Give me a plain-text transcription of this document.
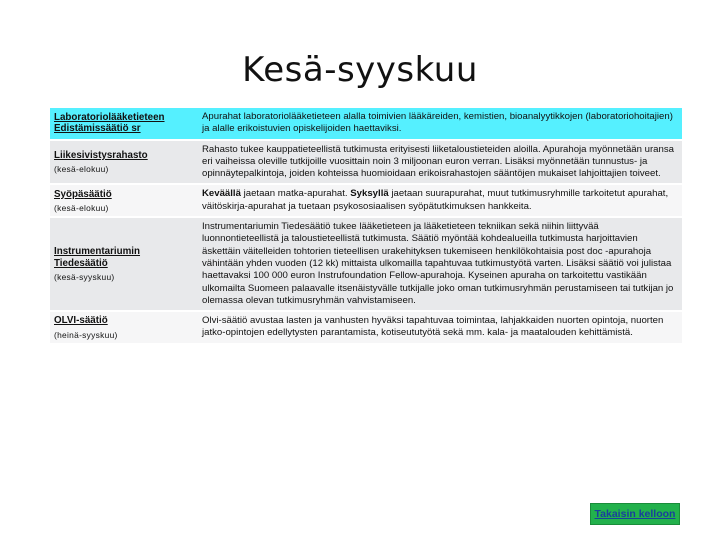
Kesä-syyskuu
Laboratoriolääketieteen Edistämissäätiö sr	Apurahat laboratoriolääketieteen alalla toimivien lääkäreiden, kemistien, bioanalyytikkojen (laboratoriohoitajien) ja alalle erikoistuvien opiskelijoiden haettaviksi.

Liikesivistysrahasto
(kesä-elokuu)	Rahasto tukee kauppatieteellistä tutkimusta erityisesti liiketaloustieteiden aloilla. Apurahoja myönnetään uransa eri vaiheissa oleville tutkijoille vuosittain noin 3 miljoonan euron verran. Lisäksi myönnetään tunnustus- ja opinnäytepalkintoja, joiden kohteissa huomioidaan erikoisrahastojen sääntöjen mukaiset lahjoittajien toiveet.

Syöpäsäätiö
(kesä-elokuu)	Keväällä jaetaan matka-apurahat. Syksyllä jaetaan suurapurahat, muut tutkimusryhmille tarkoitetut apurahat, väitöskirja-apurahat ja tuetaan psykososiaalisen syöpätutkimuksen hankkeita.

Instrumentariumin Tiedesäätiö
(kesä-syyskuu)	Instrumentariumin Tiedesäätiö tukee lääketieteen ja lääketieteen tekniikan sekä niihin liittyvää luonnontieteellistä ja taloustieteellistä tutkimusta. Säätiö myöntää kohdealueilla tutkimusta harjoittavien äskettäin väitelleiden tohtorien tieteellisen urakehityksen tukemiseen henkilökohtaisia post doc -apurahoja vähintään yhden vuoden (12 kk) mittaista ulkomailla tapahtuvaa tutkimustyötä varten. Lisäksi säätiö voi julistaa haettavaksi 100 000 euron Instrufoundation Fellow-apurahoja. Kyseinen apuraha on tarkoitettu vastikään ulkomailta Suomeen palaavalle itsenäistyvälle tutkijalle joko oman tutkimusryhmän perustamiseen tai tutkijan jo olemassa olevan tutkimusryhmän vahvistamiseen.

OLVI-säätiö
(heinä-syyskuu)	Olvi-säätiö avustaa lasten ja vanhusten hyväksi tapahtuvaa toimintaa, lahjakkaiden nuorten opintoja, nuorten jatko-opintojen edellytysten parantamista, kotiseututyötä sekä mm. kala- ja maatalouden kehittämistä.
Takaisin kelloon
